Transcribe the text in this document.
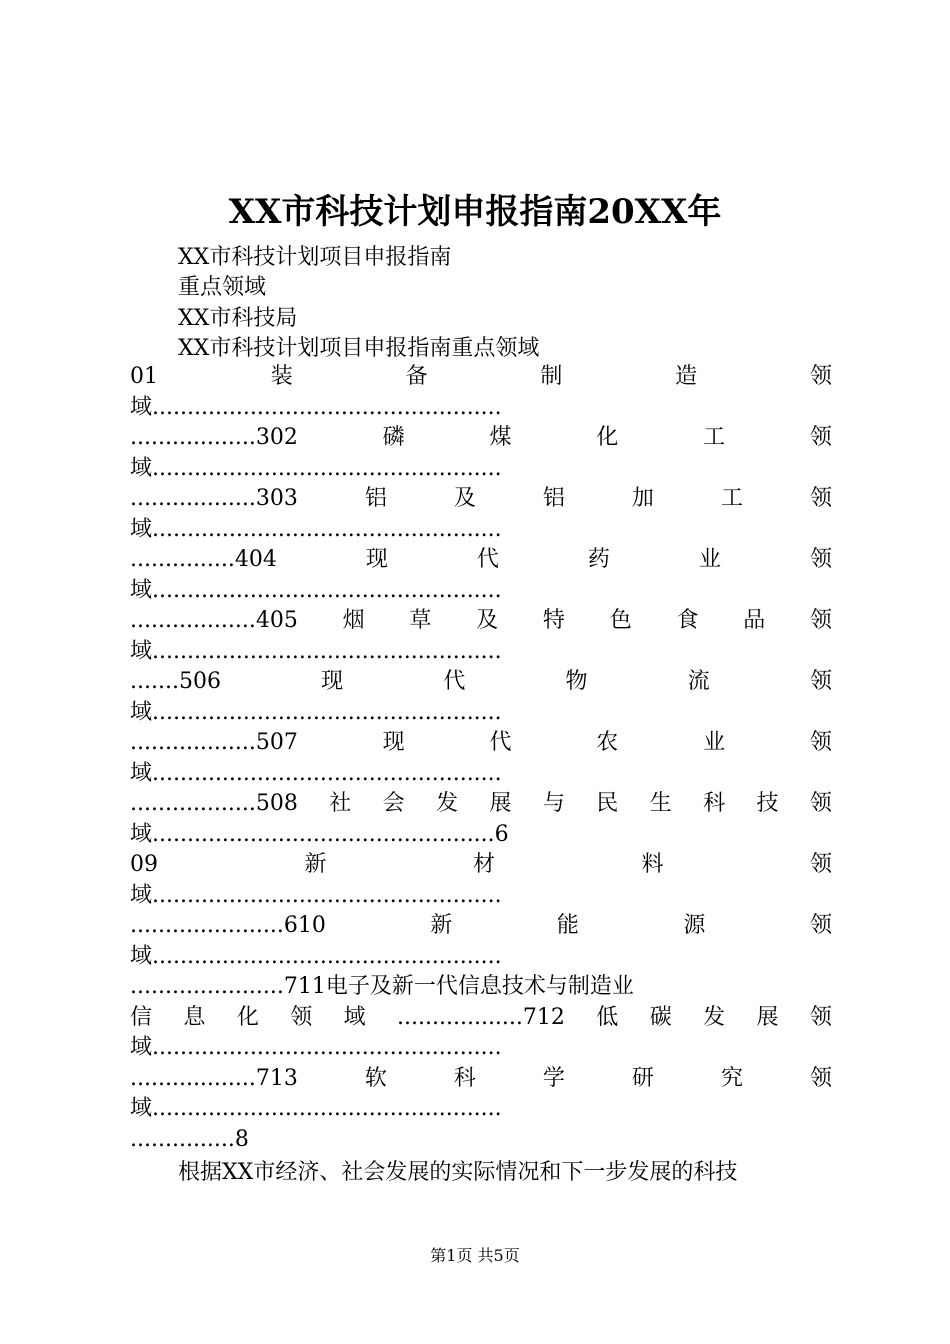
XX市科技计划申报指南20XX年

XX市科技计划项目申报指南

重点领域

XX市科技局

XX市科技计划项目申报指南重点领域

01	装	备	制	造	领
域..................................................
..................302	磷	煤	化	工	领
域..................................................
..................303	铝	及	铝	加	工	领
域..................................................
...............404	现	代	药	业	领
域..................................................
..................405 烟 草 及 特 色 食 品 领
域..................................................
.......506	现	代	物	流	领
域..................................................
..................507	现	代	农	业	领
域..................................................
..................508 社 会 发 展 与 民 生 科 技 领
域.................................................6
09	新	材	料	领
域..................................................
......................610	新	能	源	领
域..................................................
......................711电子及新一代信息技术与制造业
信 息 化 领 域 ..................712 低 碳 发 展 领
域..................................................
..................713	软	科	学	研	究	领
域..................................................
...............8

根据XX市经济、社会发展的实际情况和下一步发展的科技

第1页 共5页
